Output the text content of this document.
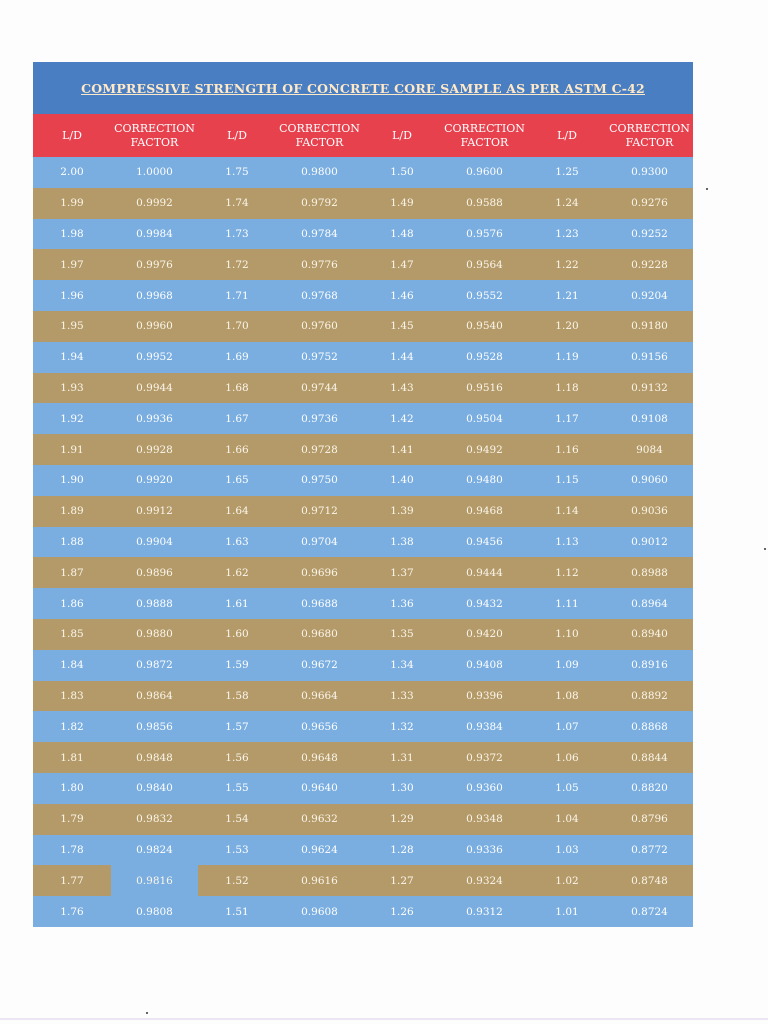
COMPRESSIVE STRENGTH OF CONCRETE CORE SAMPLE AS PER ASTM C-42
L/D
CORRECTION
FACTOR
L/D
CORRECTION
FACTOR
L/D
CORRECTION
FACTOR
L/D
CORRECTION
FACTOR
2.00	1.0000	1.75	0.9800	1.50	0.9600	1.25	0.9300
1.99	0.9992	1.74	0.9792	1.49	0.9588	1.24	0.9276
1.98	0.9984	1.73	0.9784	1.48	0.9576	1.23	0.9252
1.97	0.9976	1.72	0.9776	1.47	0.9564	1.22	0.9228
1.96	0.9968	1.71	0.9768	1.46	0.9552	1.21	0.9204
1.95	0.9960	1.70	0.9760	1.45	0.9540	1.20	0.9180
1.94	0.9952	1.69	0.9752	1.44	0.9528	1.19	0.9156
1.93	0.9944	1.68	0.9744	1.43	0.9516	1.18	0.9132
1.92	0.9936	1.67	0.9736	1.42	0.9504	1.17	0.9108
1.91	0.9928	1.66	0.9728	1.41	0.9492	1.16	9084
1.90	0.9920	1.65	0.9750	1.40	0.9480	1.15	0.9060
1.89	0.9912	1.64	0.9712	1.39	0.9468	1.14	0.9036
1.88	0.9904	1.63	0.9704	1.38	0.9456	1.13	0.9012
1.87	0.9896	1.62	0.9696	1.37	0.9444	1.12	0.8988
1.86	0.9888	1.61	0.9688	1.36	0.9432	1.11	0.8964
1.85	0.9880	1.60	0.9680	1.35	0.9420	1.10	0.8940
1.84	0.9872	1.59	0.9672	1.34	0.9408	1.09	0.8916
1.83	0.9864	1.58	0.9664	1.33	0.9396	1.08	0.8892
1.82	0.9856	1.57	0.9656	1.32	0.9384	1.07	0.8868
1.81	0.9848	1.56	0.9648	1.31	0.9372	1.06	0.8844
1.80	0.9840	1.55	0.9640	1.30	0.9360	1.05	0.8820
1.79	0.9832	1.54	0.9632	1.29	0.9348	1.04	0.8796
1.78	0.9824	1.53	0.9624	1.28	0.9336	1.03	0.8772
1.77	0.9816	1.52	0.9616	1.27	0.9324	1.02	0.8748
1.76	0.9808	1.51	0.9608	1.26	0.9312	1.01	0.8724
